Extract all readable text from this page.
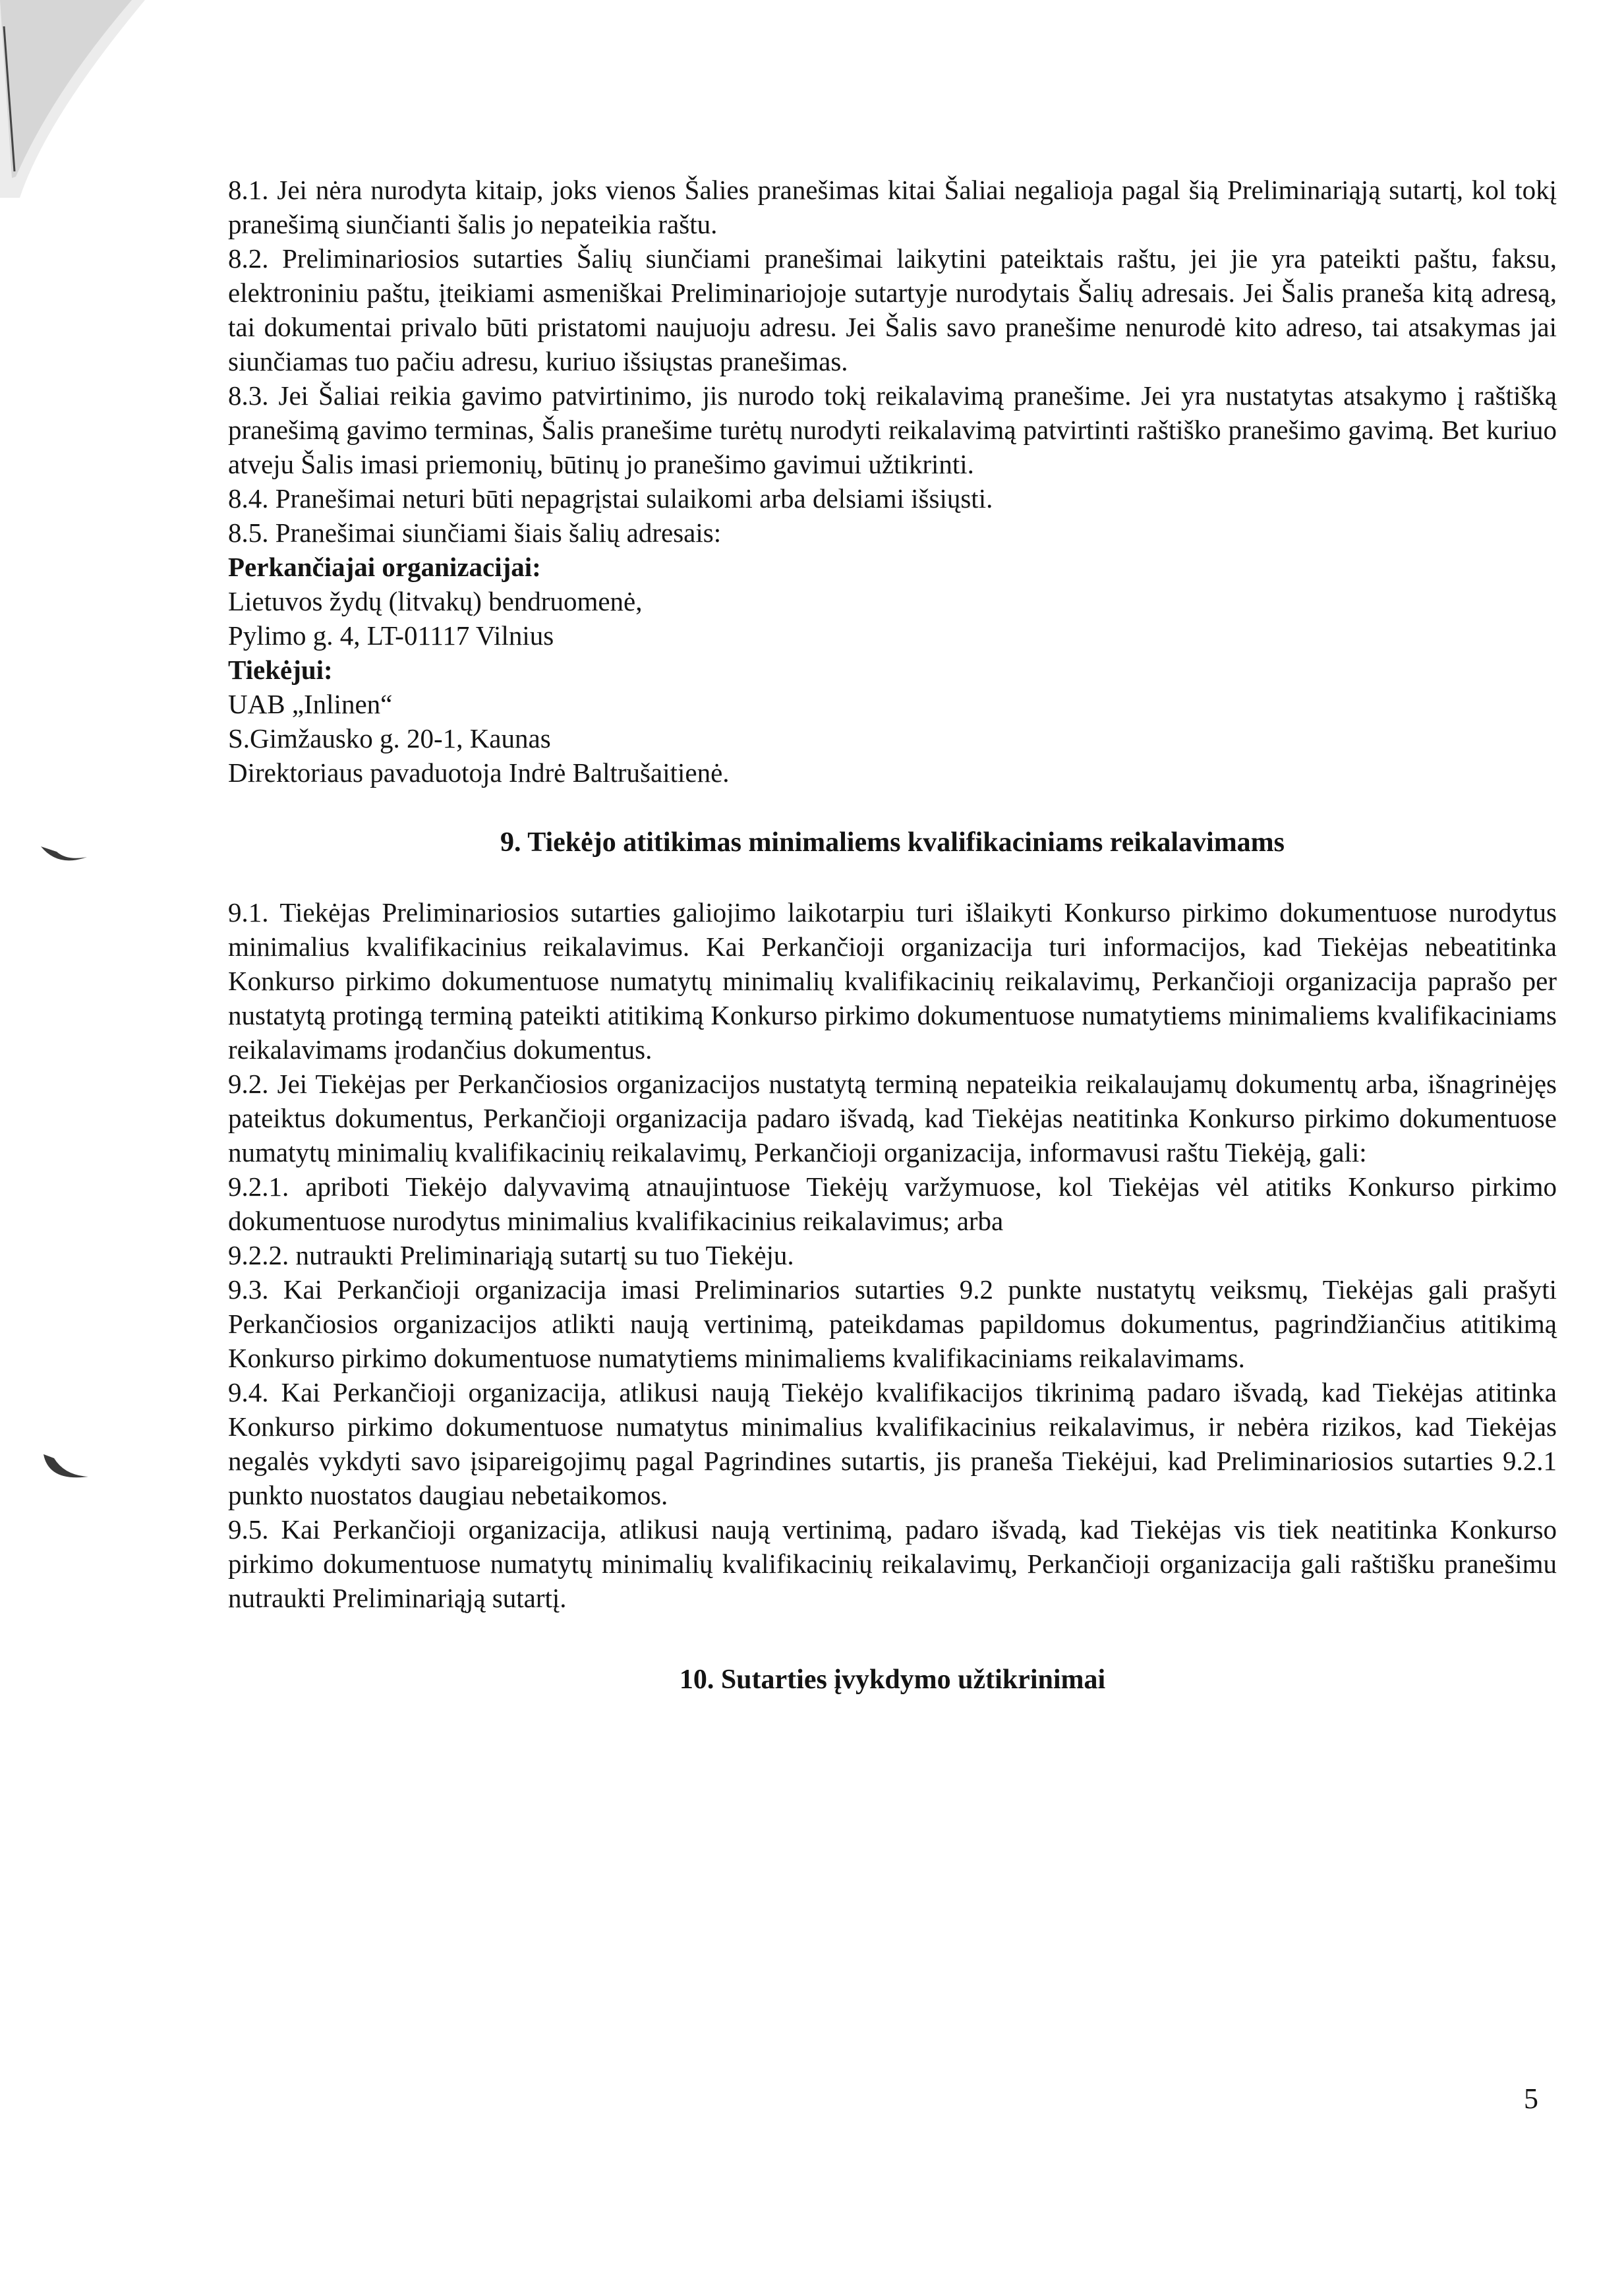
8.1. Jei nėra nurodyta kitaip, joks vienos Šalies pranešimas kitai Šaliai negalioja pagal šią Preliminariąją sutartį, kol tokį pranešimą siunčianti šalis jo nepateikia raštu.

8.2. Preliminariosios sutarties Šalių siunčiami pranešimai laikytini pateiktais raštu, jei jie yra pateikti paštu, faksu, elektroniniu paštu, įteikiami asmeniškai Preliminariojoje sutartyje nurodytais Šalių adresais. Jei Šalis praneša kitą adresą, tai dokumentai privalo būti pristatomi naujuoju adresu. Jei Šalis savo pranešime nenurodė kito adreso, tai atsakymas jai siunčiamas tuo pačiu adresu, kuriuo išsiųstas pranešimas.

8.3. Jei Šaliai reikia gavimo patvirtinimo, jis nurodo tokį reikalavimą pranešime. Jei yra nustatytas atsakymo į raštišką pranešimą gavimo terminas, Šalis pranešime turėtų nurodyti reikalavimą patvirtinti raštiško pranešimo gavimą. Bet kuriuo atveju Šalis imasi priemonių, būtinų jo pranešimo gavimui užtikrinti.

8.4. Pranešimai neturi būti nepagrįstai sulaikomi arba delsiami išsiųsti.

8.5. Pranešimai siunčiami šiais šalių adresais:

Perkančiajai organizacijai:

Lietuvos žydų (litvakų) bendruomenė,

Pylimo g. 4, LT-01117 Vilnius

Tiekėjui:

UAB „Inlinen“

S.Gimžausko g. 20-1, Kaunas

Direktoriaus pavaduotoja Indrė Baltrušaitienė.

9. Tiekėjo atitikimas minimaliems kvalifikaciniams reikalavimams

9.1. Tiekėjas Preliminariosios sutarties galiojimo laikotarpiu turi išlaikyti Konkurso pirkimo dokumentuose nurodytus minimalius kvalifikacinius reikalavimus. Kai Perkančioji organizacija turi informacijos, kad Tiekėjas nebeatitinka Konkurso pirkimo dokumentuose numatytų minimalių kvalifikacinių reikalavimų, Perkančioji organizacija paprašo per nustatytą protingą terminą pateikti atitikimą Konkurso pirkimo dokumentuose numatytiems minimaliems kvalifikaciniams reikalavimams įrodančius dokumentus.

9.2. Jei Tiekėjas per Perkančiosios organizacijos nustatytą terminą nepateikia reikalaujamų dokumentų arba, išnagrinėjęs pateiktus dokumentus, Perkančioji organizacija padaro išvadą, kad Tiekėjas neatitinka Konkurso pirkimo dokumentuose numatytų minimalių kvalifikacinių reikalavimų, Perkančioji organizacija, informavusi raštu Tiekėją, gali:

9.2.1. apriboti Tiekėjo dalyvavimą atnaujintuose Tiekėjų varžymuose, kol Tiekėjas vėl atitiks Konkurso pirkimo dokumentuose nurodytus minimalius kvalifikacinius reikalavimus; arba

9.2.2. nutraukti Preliminariąją sutartį su tuo Tiekėju.

9.3. Kai Perkančioji organizacija imasi Preliminarios sutarties 9.2 punkte nustatytų veiksmų, Tiekėjas gali prašyti Perkančiosios organizacijos atlikti naują vertinimą, pateikdamas papildomus dokumentus, pagrindžiančius atitikimą Konkurso pirkimo dokumentuose numatytiems minimaliems kvalifikaciniams reikalavimams.

9.4. Kai Perkančioji organizacija, atlikusi naują Tiekėjo kvalifikacijos tikrinimą padaro išvadą, kad Tiekėjas atitinka Konkurso pirkimo dokumentuose numatytus minimalius kvalifikacinius reikalavimus, ir nebėra rizikos, kad Tiekėjas negalės vykdyti savo įsipareigojimų pagal Pagrindines sutartis, jis praneša Tiekėjui, kad Preliminariosios sutarties 9.2.1 punkto nuostatos daugiau nebetaikomos.

9.5. Kai Perkančioji organizacija, atlikusi naują vertinimą, padaro išvadą, kad Tiekėjas vis tiek neatitinka Konkurso pirkimo dokumentuose numatytų minimalių kvalifikacinių reikalavimų, Perkančioji organizacija gali raštišku pranešimu nutraukti Preliminariąją sutartį.

10. Sutarties įvykdymo užtikrinimai

5
